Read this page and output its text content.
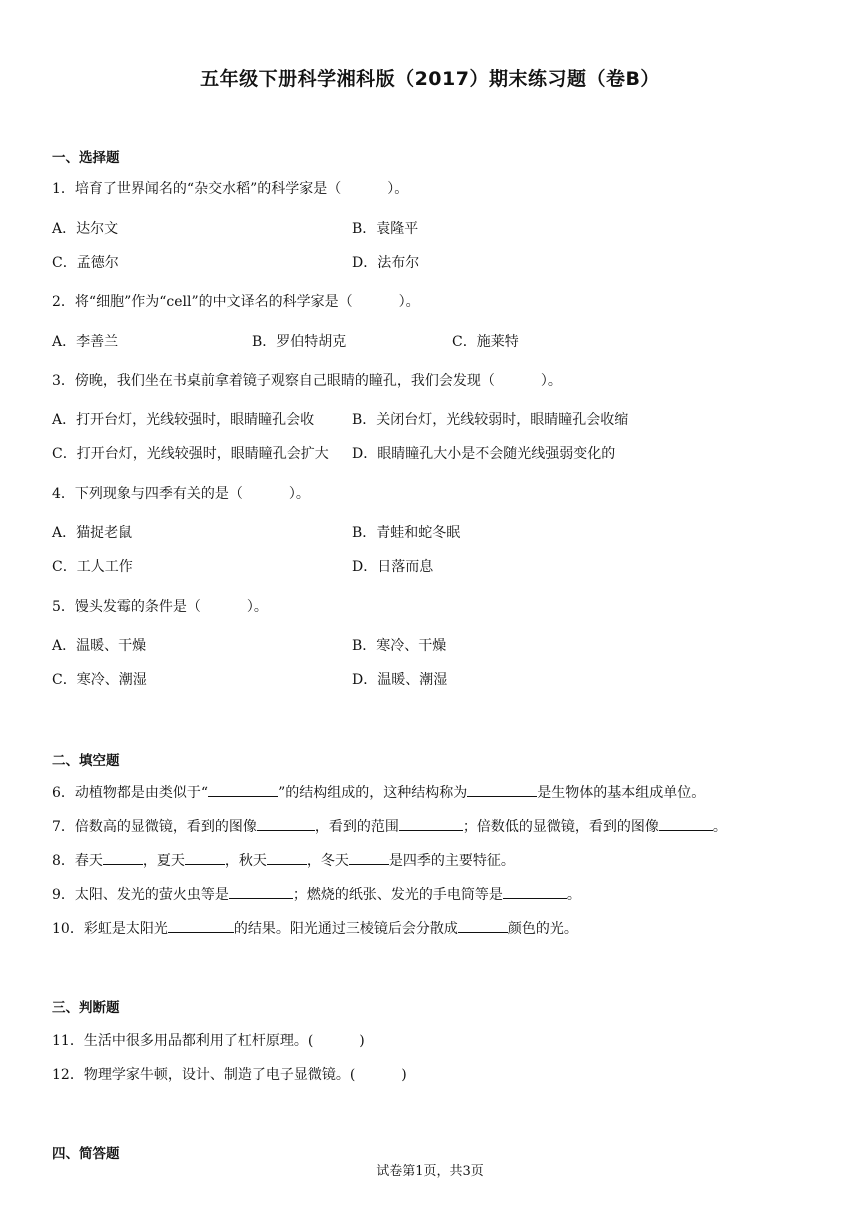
五年级下册科学湘科版（2017）期末练习题（卷B）
一、选择题
1．培育了世界闻名的“杂交水稻”的科学家是（	）。
A．达尔文	B．袁隆平
C．孟德尔	D．法布尔
2．将“细胞”作为“cell”的中文译名的科学家是（	）。
A．李善兰	B．罗伯特胡克	C．施莱特
3．傍晚，我们坐在书桌前拿着镜子观察自己眼睛的瞳孔，我们会发现（	）。
A．打开台灯，光线较强时，眼睛瞳孔会收	B．关闭台灯，光线较弱时，眼睛瞳孔会收缩
C．打开台灯，光线较强时，眼睛瞳孔会扩大 D．眼睛瞳孔大小是不会随光线强弱变化的
4．下列现象与四季有关的是（	）。
A．猫捉老鼠	B．青蛙和蛇冬眠
C．工人工作	D．日落而息
5．馒头发霉的条件是（	）。
A．温暖、干燥	B．寒冷、干燥
C．寒冷、潮湿	D．温暖、潮湿
二、填空题
6．动植物都是由类似于“	”的结构组成的，这种结构称为	是生物体的基本组成单位。
7．倍数高的显微镜，看到的图像	，看到的范围	；倍数低的显微镜，看到的图像	。
8．春天	，夏天	，秋天	，冬天	是四季的主要特征。
9．太阳、发光的萤火虫等是	；燃烧的纸张、发光的手电筒等是	。
10．彩虹是太阳光	的结果。阳光通过三棱镜后会分散成	颜色的光。
三、判断题
11．生活中很多用品都利用了杠杆原理。(	)
12．物理学家牛顿，设计、制造了电子显微镜。(	)
四、简答题
试卷第1页，共3页
